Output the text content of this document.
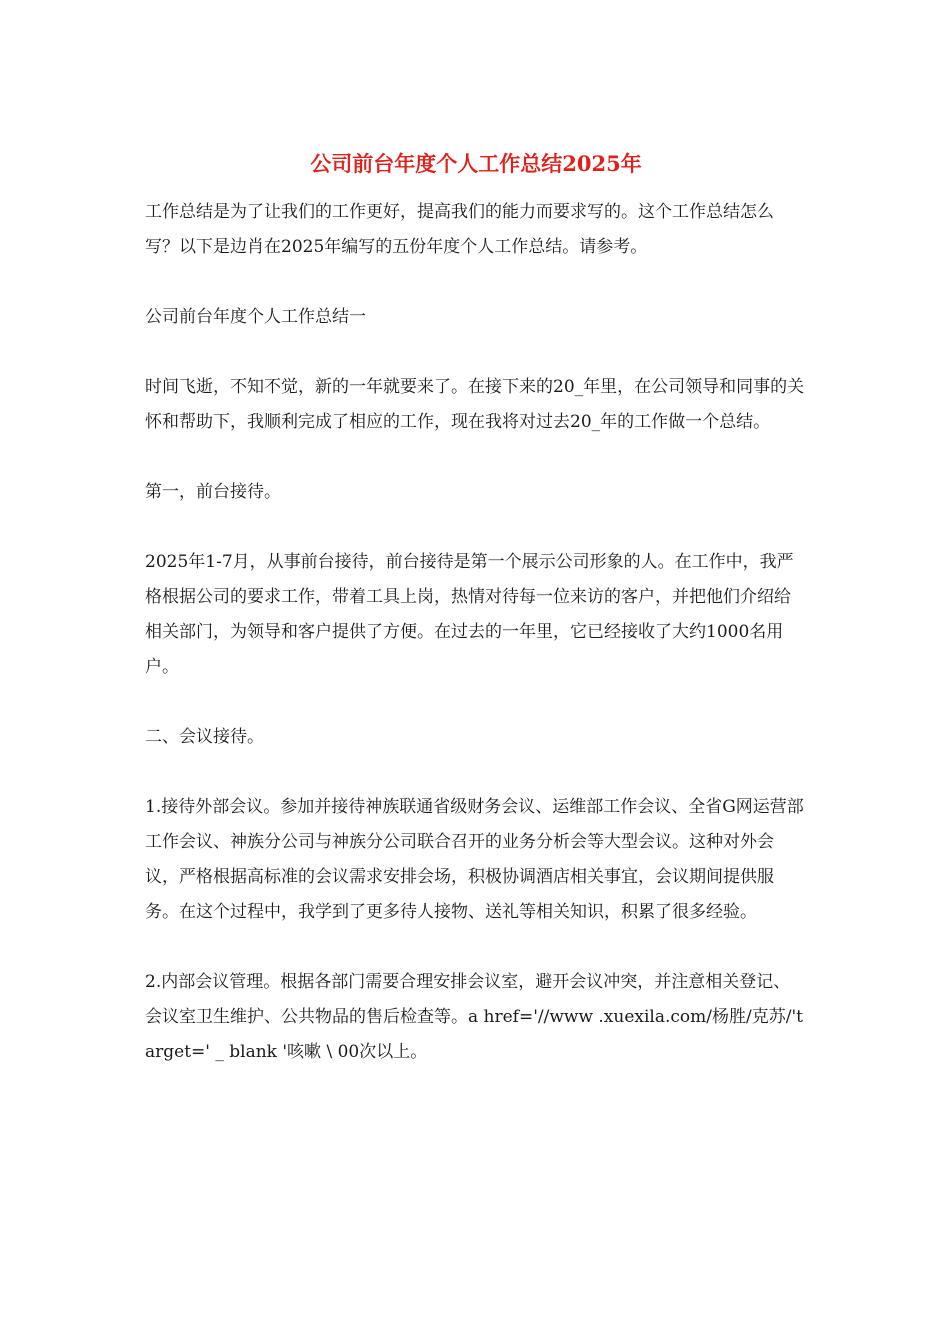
公司前台年度个人工作总结2025年

工作总结是为了让我们的工作更好，提高我们的能力而要求写的。这个工作总结怎么写？以下是边肖在2025年编写的五份年度个人工作总结。请参考。

公司前台年度个人工作总结一

时间飞逝，不知不觉，新的一年就要来了。在接下来的20_年里，在公司领导和同事的关怀和帮助下，我顺利完成了相应的工作，现在我将对过去20_年的工作做一个总结。

第一，前台接待。

2025年1-7月，从事前台接待，前台接待是第一个展示公司形象的人。在工作中，我严格根据公司的要求工作，带着工具上岗，热情对待每一位来访的客户，并把他们介绍给相关部门，为领导和客户提供了方便。在过去的一年里，它已经接收了大约1000名用户。

二、会议接待。

1.接待外部会议。参加并接待神族联通省级财务会议、运维部工作会议、全省G网运营部工作会议、神族分公司与神族分公司联合召开的业务分析会等大型会议。这种对外会议，严格根据高标准的会议需求安排会场，积极协调酒店相关事宜，会议期间提供服务。在这个过程中，我学到了更多待人接物、送礼等相关知识，积累了很多经验。

2.内部会议管理。根据各部门需要合理安排会议室，避开会议冲突，并注意相关登记、会议室卫生维护、公共物品的售后检查等。a href='//www .xuexila.com/杨胜/克苏/'target=' _ blank '咳嗽 \ 00次以上。
